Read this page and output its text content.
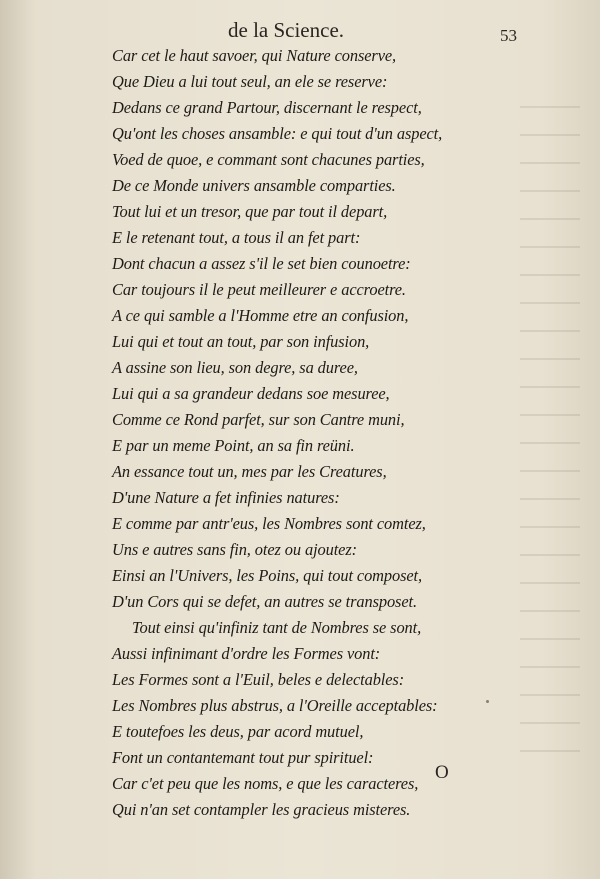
de la Science.	53
Car cet le haut savoer, qui Nature conserve,
Que Dieu a lui tout seul, an ele se reserve:
Dedans ce grand Partour, discernant le respect,
Qu'ont les choses ansamble: e qui tout d'un aspect,
Voed de quoe, e commant sont chacunes parties,
De ce Monde univers ansamble comparties.
Tout lui et un tresor, que par tout il depart,
E le retenant tout, a tous il an fet part:
Dont chacun a assez s'il le set bien counoetre:
Car toujours il le peut meilleurer e accroetre.
A ce qui samble a l'Homme etre an confusion,
Lui qui et tout an tout, par son infusion,
A assine son lieu, son degre, sa duree,
Lui qui a sa grandeur dedans soe mesuree,
Comme ce Rond parfet, sur son Cantre muni,
E par un meme Point, an sa fin reüni.
An essance tout un, mes par les Creatures,
D'une Nature a fet infinies natures:
E comme par antr'eus, les Nombres sont comtez,
Uns e autres sans fin, otez ou ajoutez:
Einsi an l'Univers, les Poins, qui tout composet,
D'un Cors qui se defet, an autres se transposet.
Tout einsi qu'infiniz tant de Nombres se sont,
Aussi infinimant d'ordre les Formes vont:
Les Formes sont a l'Euil, beles e delectables:
Les Nombres plus abstrus, a l'Oreille acceptables:
E toutefoes les deus, par acord mutuel,
Font un contantemant tout pur spirituel:
Car c'et peu que les noms, e que les caracteres,
Qui n'an set contampler les gracieus misteres.
O
